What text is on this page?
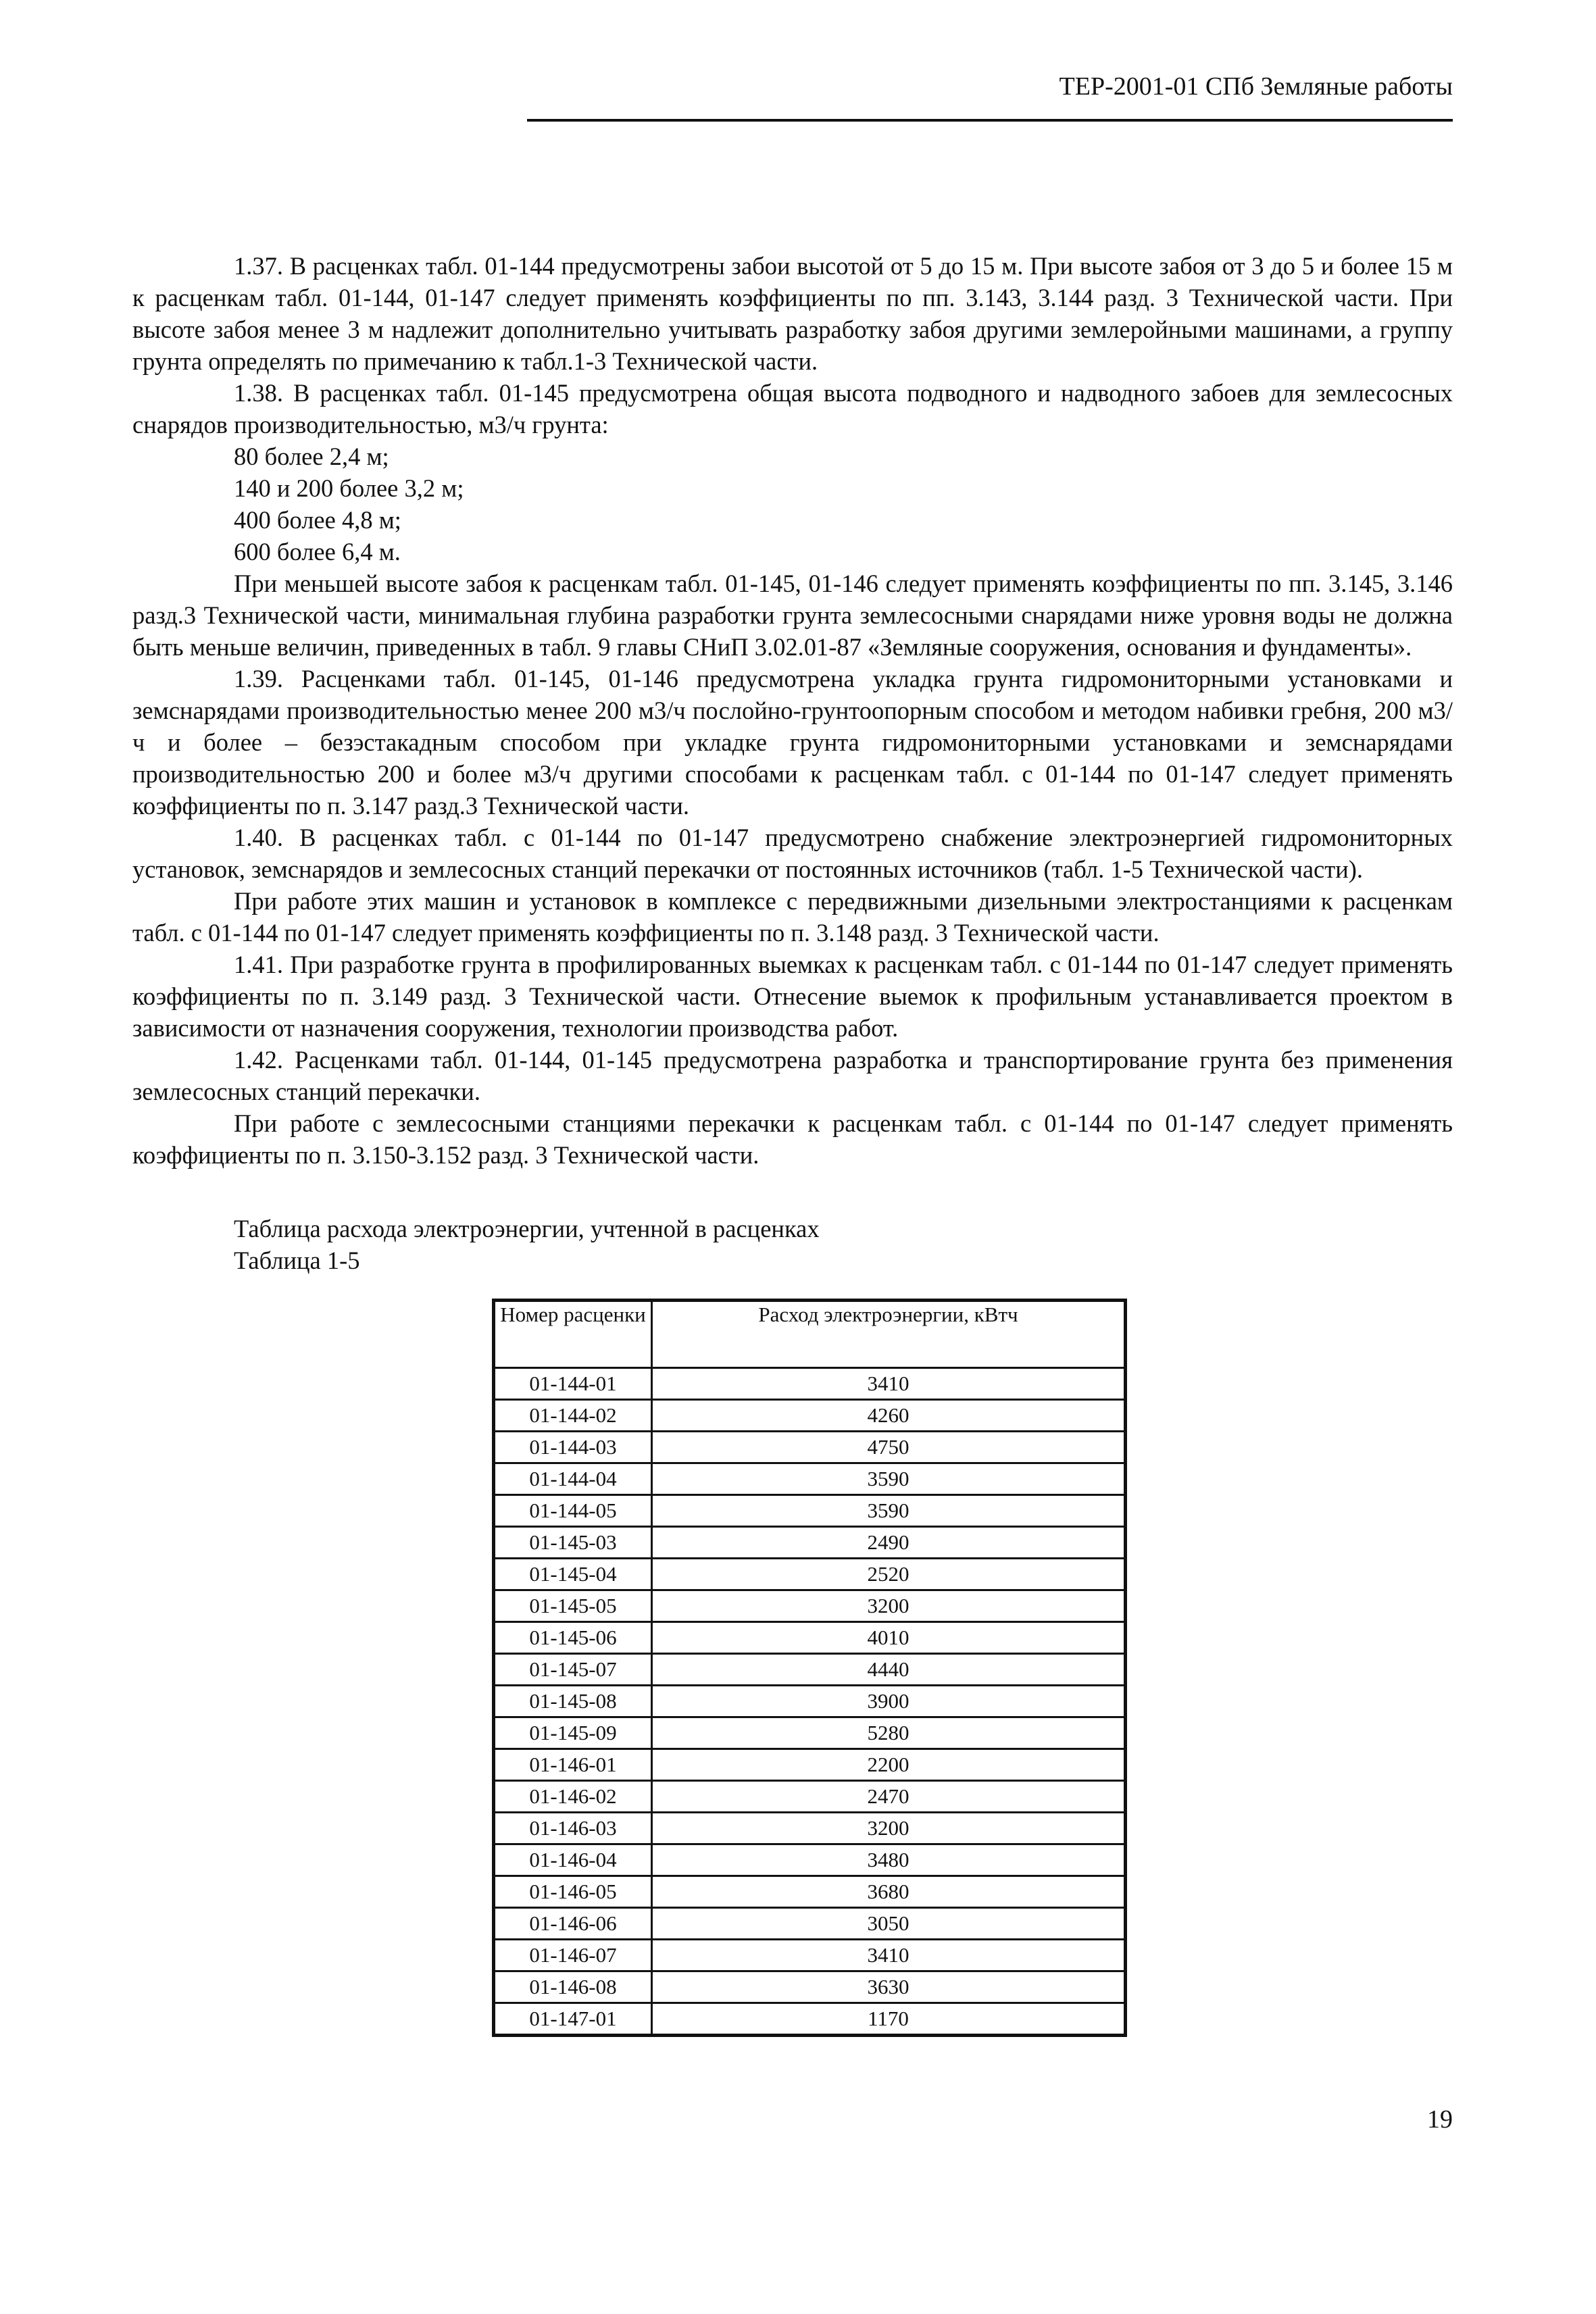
ТЕР-2001-01 СПб Земляные работы

1.37. В расценках табл. 01-144 предусмотрены забои высотой от 5 до 15 м. При высоте забоя от 3 до 5 и более 15 м к расценкам табл. 01-144, 01-147 следует применять коэффициенты по пп. 3.143, 3.144 разд. 3 Технической части. При высоте забоя менее 3 м надлежит дополнительно учитывать разработку забоя другими землеройными машинами, а группу грунта определять по примечанию к табл.1-3 Технической части.

1.38. В расценках табл. 01-145 предусмотрена общая высота подводного и надводного забоев для землесосных снарядов производительностью, м3/ч грунта:

80 более 2,4 м;

140 и 200 более 3,2 м;

400 более 4,8 м;

600 более 6,4 м.

При меньшей высоте забоя к расценкам табл. 01-145, 01-146 следует применять коэффициенты по пп. 3.145, 3.146 разд.3 Технической части, минимальная глубина разработки грунта землесосными снарядами ниже уровня воды не должна быть меньше величин, приведенных в табл. 9 главы СНиП 3.02.01-87 «Земляные сооружения, основания и фундаменты».

1.39. Расценками табл. 01-145, 01-146 предусмотрена укладка грунта гидромониторными установками и земснарядами производительностью менее 200 м3/ч послойно-грунтоопорным способом и методом набивки гребня, 200 м3/ч и более – безэстакадным способом при укладке грунта гидромониторными установками и земснарядами производительностью 200 и более м3/ч другими способами к расценкам табл. с 01-144 по 01-147 следует применять коэффициенты по п. 3.147 разд.3 Технической части.

1.40. В расценках табл. с 01-144 по 01-147 предусмотрено снабжение электроэнергией гидромониторных установок, земснарядов и землесосных станций перекачки от постоянных источников (табл. 1-5 Технической части).

При работе этих машин и установок в комплексе с передвижными дизельными электростанциями к расценкам табл. с 01-144 по 01-147 следует применять коэффициенты по п. 3.148 разд. 3 Технической части.

1.41. При разработке грунта в профилированных выемках к расценкам табл. с 01-144 по 01-147 следует применять коэффициенты по п. 3.149 разд. 3 Технической части. Отнесение выемок к профильным устанавливается проектом в зависимости от назначения сооружения, технологии производства работ.

1.42. Расценками табл. 01-144, 01-145 предусмотрена разработка и транспортирование грунта без применения землесосных станций перекачки.

При работе с землесосными станциями перекачки к расценкам табл. с 01-144 по 01-147 следует применять коэффициенты по п. 3.150-3.152 разд. 3 Технической части.

Таблица расхода электроэнергии, учтенной в расценках

Таблица 1-5

Номер расценки	Расход электроэнергии, кВтч
01-144-01	3410
01-144-02	4260
01-144-03	4750
01-144-04	3590
01-144-05	3590
01-145-03	2490
01-145-04	2520
01-145-05	3200
01-145-06	4010
01-145-07	4440
01-145-08	3900
01-145-09	5280
01-146-01	2200
01-146-02	2470
01-146-03	3200
01-146-04	3480
01-146-05	3680
01-146-06	3050
01-146-07	3410
01-146-08	3630
01-147-01	1170
19
